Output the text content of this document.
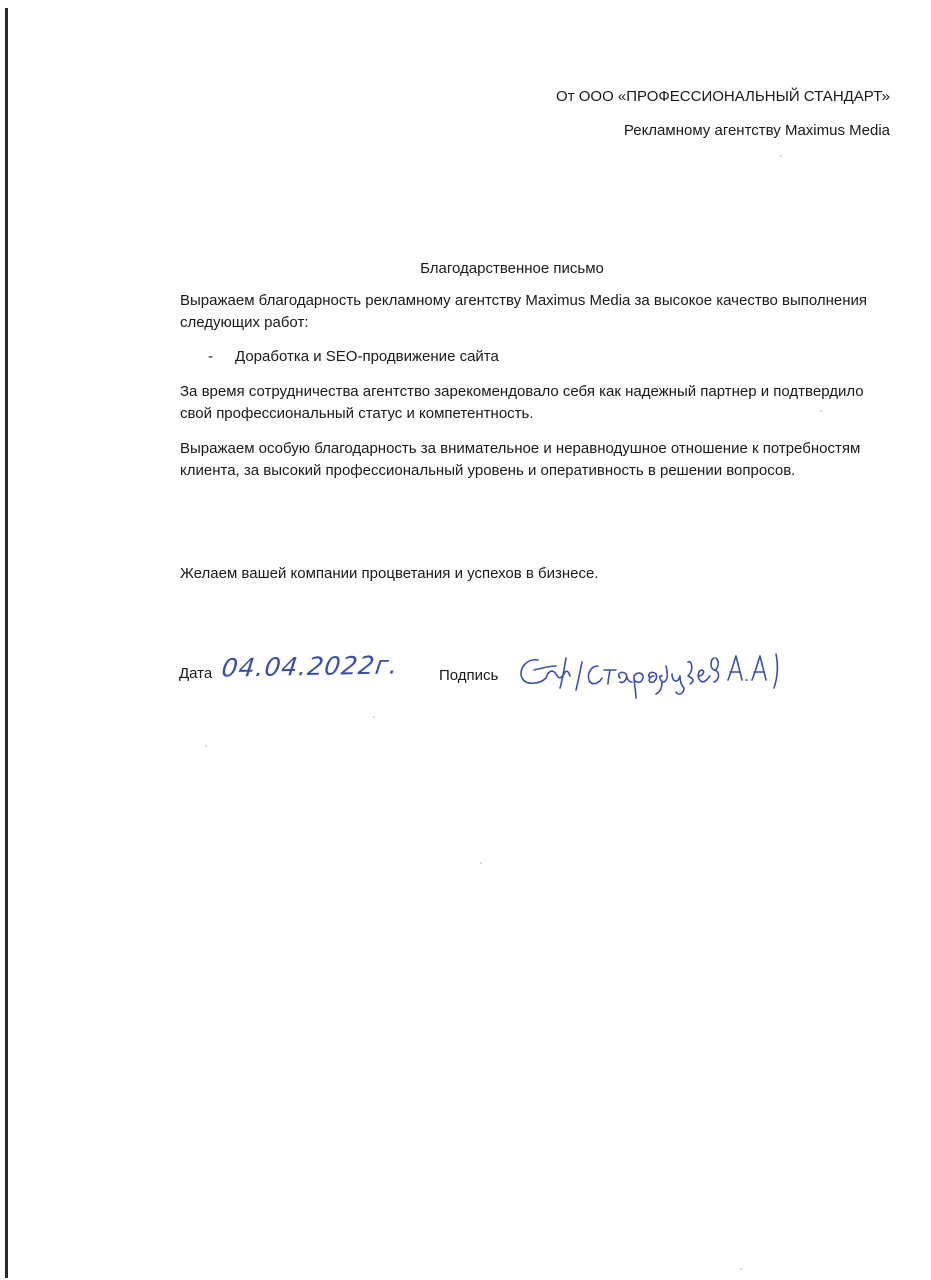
От ООО «ПРОФЕССИОНАЛЬНЫЙ СТАНДАРТ»
Рекламному агентству Maximus Media
Благодарственное письмо
Выражаем благодарность рекламному агентству Maximus Media за высокое качество выполнения следующих работ:
- Доработка и SEO-продвижение сайта
За время сотрудничества агентство зарекомендовало себя как надежный партнер и подтвердило свой профессиональный статус и компетентность.
Выражаем особую благодарность за внимательное и неравнодушное отношение к потребностям клиента, за высокий профессиональный уровень и оперативность в решении вопросов.
Желаем вашей компании процветания и успехов в бизнесе.
Дата 04.04.2022г.	Подпись
